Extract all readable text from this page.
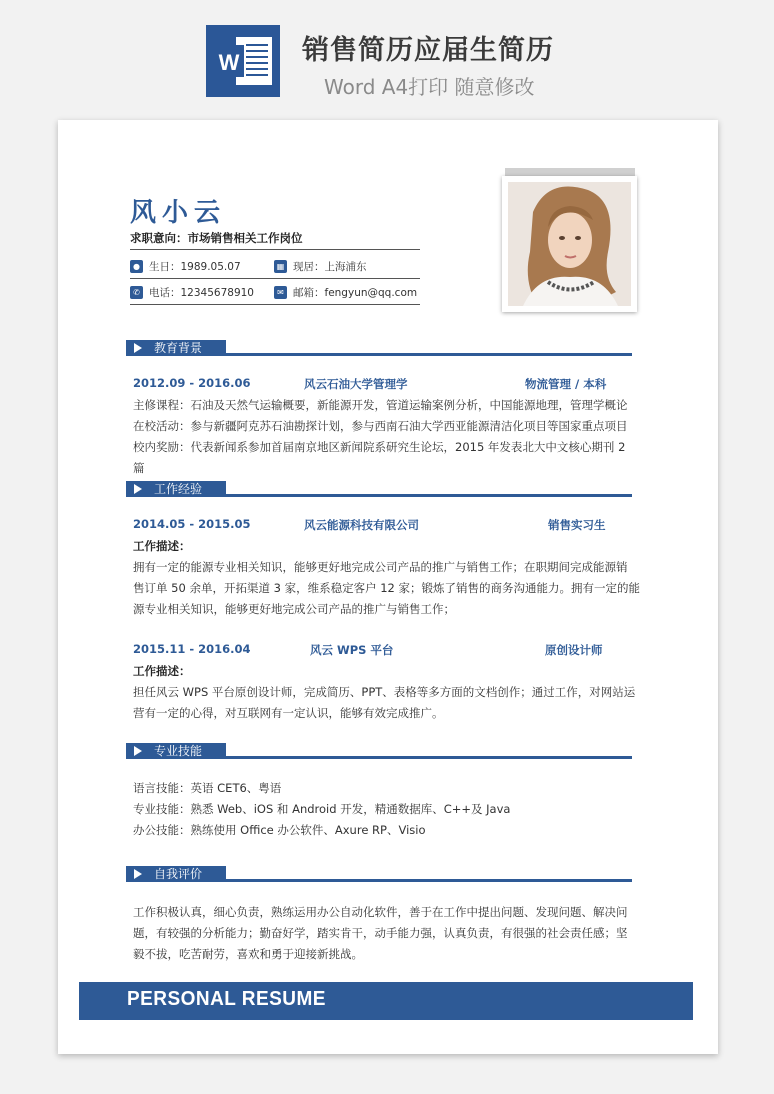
W 销售简历应届生简历
Word A4打印 随意修改
风小云
求职意向：市场销售相关工作岗位
● 生日：1989.05.07	▦ 现居：上海浦东
✆ 电话：12345678910	✉ 邮箱：fengyun@qq.com
教育背景
2012.09 - 2016.06	风云石油大学管理学	物流管理 / 本科
主修课程：石油及天然气运输概要，新能源开发，管道运输案例分析，中国能源地理，管理学概论
在校活动：参与新疆阿克苏石油勘探计划，参与西南石油大学西亚能源清洁化项目等国家重点项目
校内奖励：代表新闻系参加首届南京地区新闻院系研究生论坛，2015 年发表北大中文核心期刊 2
篇
工作经验
2014.05 - 2015.05	风云能源科技有限公司	销售实习生
工作描述：
拥有一定的能源专业相关知识，能够更好地完成公司产品的推广与销售工作；在职期间完成能源销
售订单 50 余单，开拓渠道 3 家，维系稳定客户 12 家；锻炼了销售的商务沟通能力。拥有一定的能
源专业相关知识，能够更好地完成公司产品的推广与销售工作；
2015.11 - 2016.04	风云 WPS 平台	原创设计师
工作描述：
担任风云 WPS 平台原创设计师，完成简历、PPT、表格等多方面的文档创作；通过工作，对网站运
营有一定的心得，对互联网有一定认识，能够有效完成推广。
专业技能
语言技能：英语 CET6、粤语
专业技能：熟悉 Web、iOS 和 Android 开发，精通数据库、C++及 Java
办公技能：熟练使用 Office 办公软件、Axure RP、Visio
自我评价
工作积极认真，细心负责，熟练运用办公自动化软件，善于在工作中提出问题、发现问题、解决问
题，有较强的分析能力；勤奋好学，踏实肯干，动手能力强，认真负责，有很强的社会责任感；坚
毅不拔，吃苦耐劳，喜欢和勇于迎接新挑战。
PERSONAL RESUME
